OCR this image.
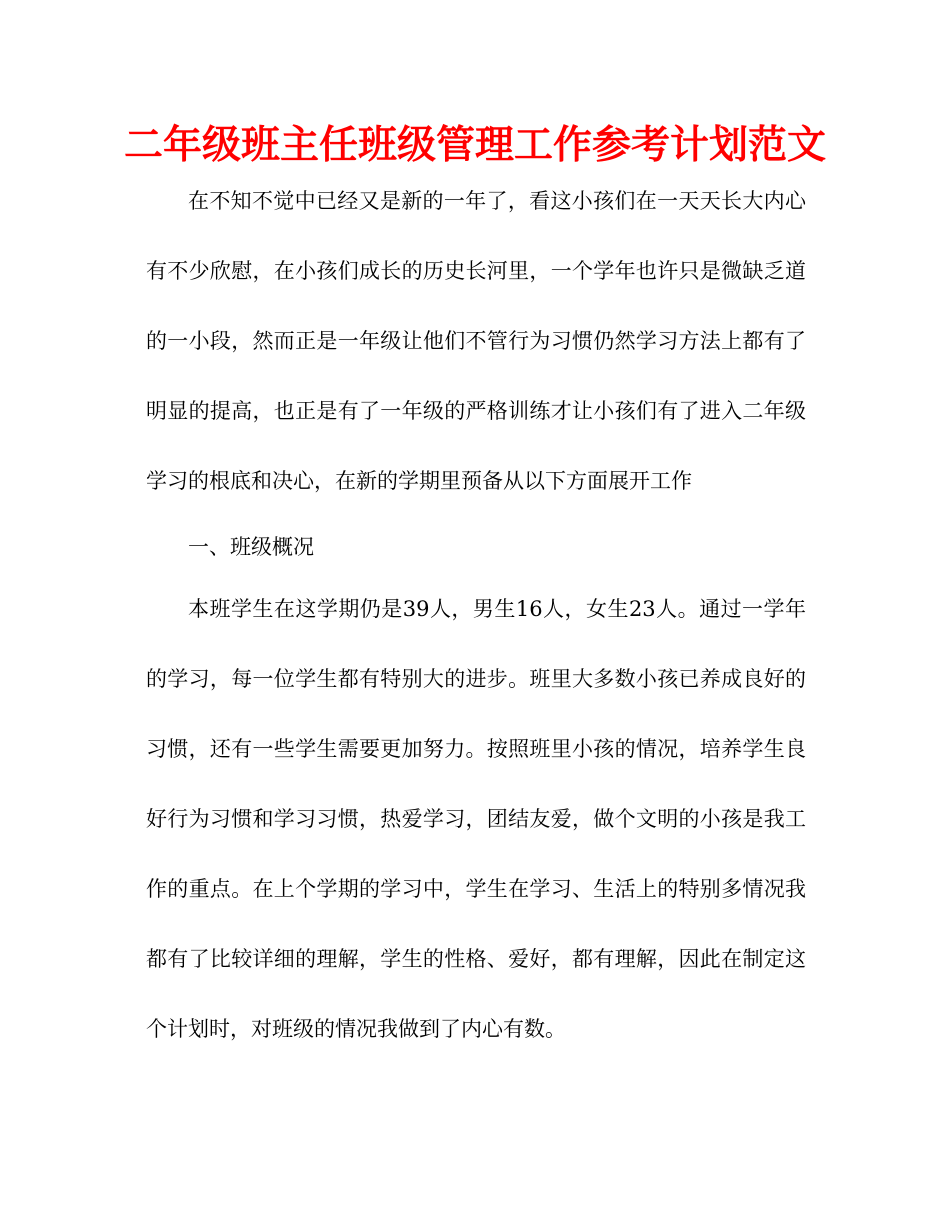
二年级班主任班级管理工作参考计划范文

在不知不觉中已经又是新的一年了，看这小孩们在一天天长大内心有不少欣慰，在小孩们成长的历史长河里，一个学年也许只是微缺乏道的一小段，然而正是一年级让他们不管行为习惯仍然学习方法上都有了明显的提高，也正是有了一年级的严格训练才让小孩们有了进入二年级学习的根底和决心，在新的学期里预备从以下方面展开工作

一、班级概况

本班学生在这学期仍是39人，男生16人，女生23人。通过一学年的学习，每一位学生都有特别大的进步。班里大多数小孩已养成良好的习惯，还有一些学生需要更加努力。按照班里小孩的情况，培养学生良好行为习惯和学习习惯，热爱学习，团结友爱，做个文明的小孩是我工作的重点。在上个学期的学习中，学生在学习、生活上的特别多情况我都有了比较详细的理解，学生的性格、爱好，都有理解，因此在制定这个计划时，对班级的情况我做到了内心有数。
